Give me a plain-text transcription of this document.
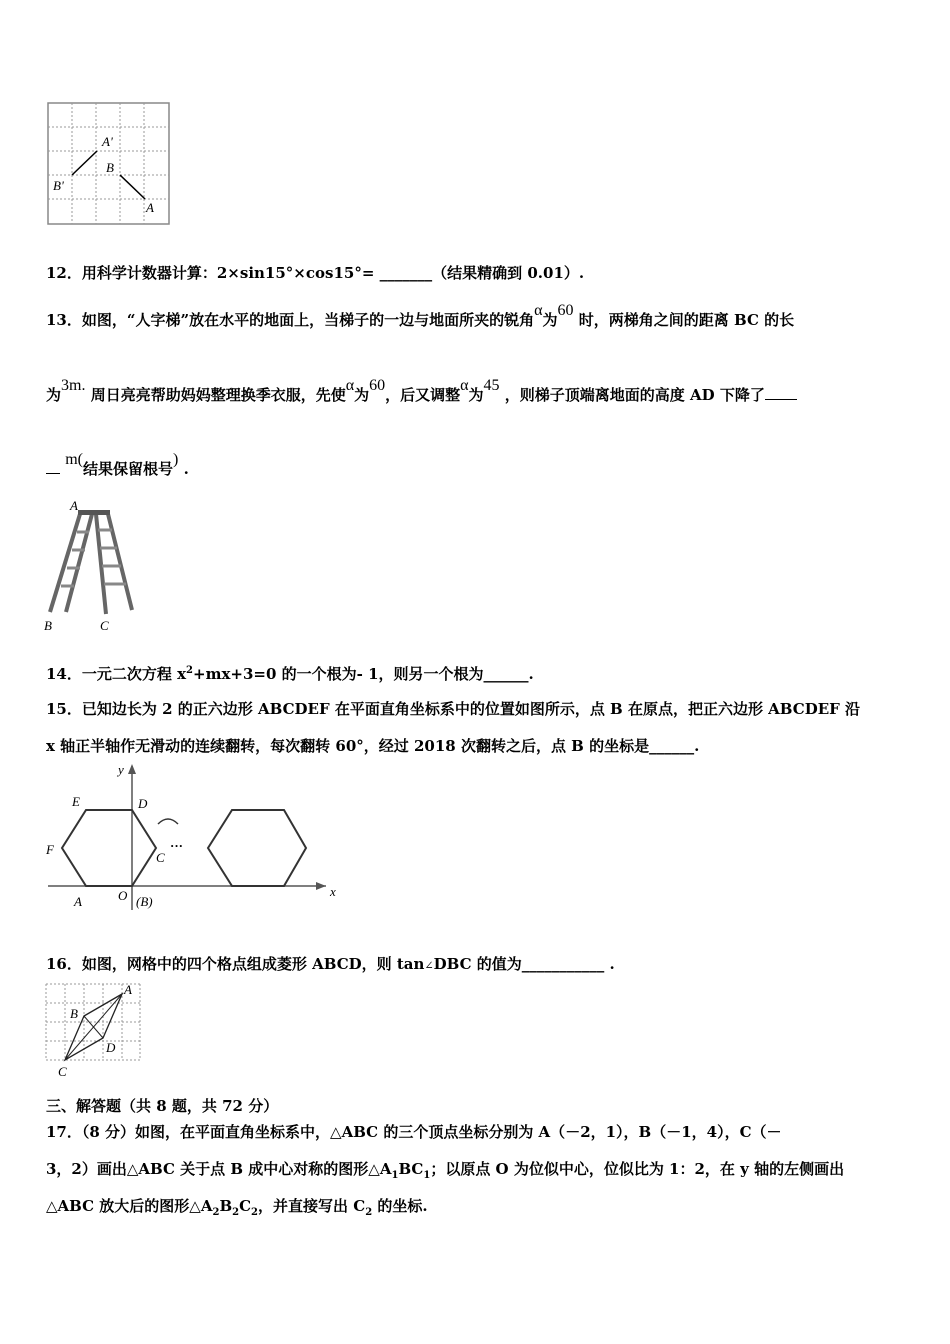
A'
B
B'
A
12．用科学计数器计算：2×sin15°×cos15°= _______（结果精确到 0.01）.
13．如图，“人字梯”放在水平的地面上，当梯子的一边与地面所夹的锐角α为60 时，两梯角之间的距离 BC 的长
为3m. 周日亮亮帮助妈妈整理换季衣服，先使α为60，后又调整α为45 ，则梯子顶端离地面的高度 AD 下降了
m(结果保留根号) .
A
B	C
14．一元二次方程 $x^2+mx+3=0$ 的一个根为- 1，则另一个根为______.
15．已知边长为 2 的正六边形 ABCDEF 在平面直角坐标系中的位置如图所示，点 B 在原点，把正六边形 ABCDEF 沿
x 轴正半轴作无滑动的连续翻转，每次翻转 60°，经过 2018 次翻转之后，点 B 的坐标是______.
y
x
E	D
F
C
A	O (B)
···
16．如图，网格中的四个格点组成菱形 ABCD，则 tan∠DBC 的值为___________ .
A
B
C
D
三、解答题（共 8 题，共 72 分）
17．（8 分）如图，在平面直角坐标系中，△ABC 的三个顶点坐标分别为 A（－2，1），B（－1，4），C（－
3，2）画出△ABC 关于点 B 成中心对称的图形$\triangle A_1BC_1$；以原点 O 为位似中心，位似比为 1：2，在 y 轴的左侧画出
△ABC 放大后的图形$\triangle A_2B_2C_2$，并直接写出 $C_2$ 的坐标.
